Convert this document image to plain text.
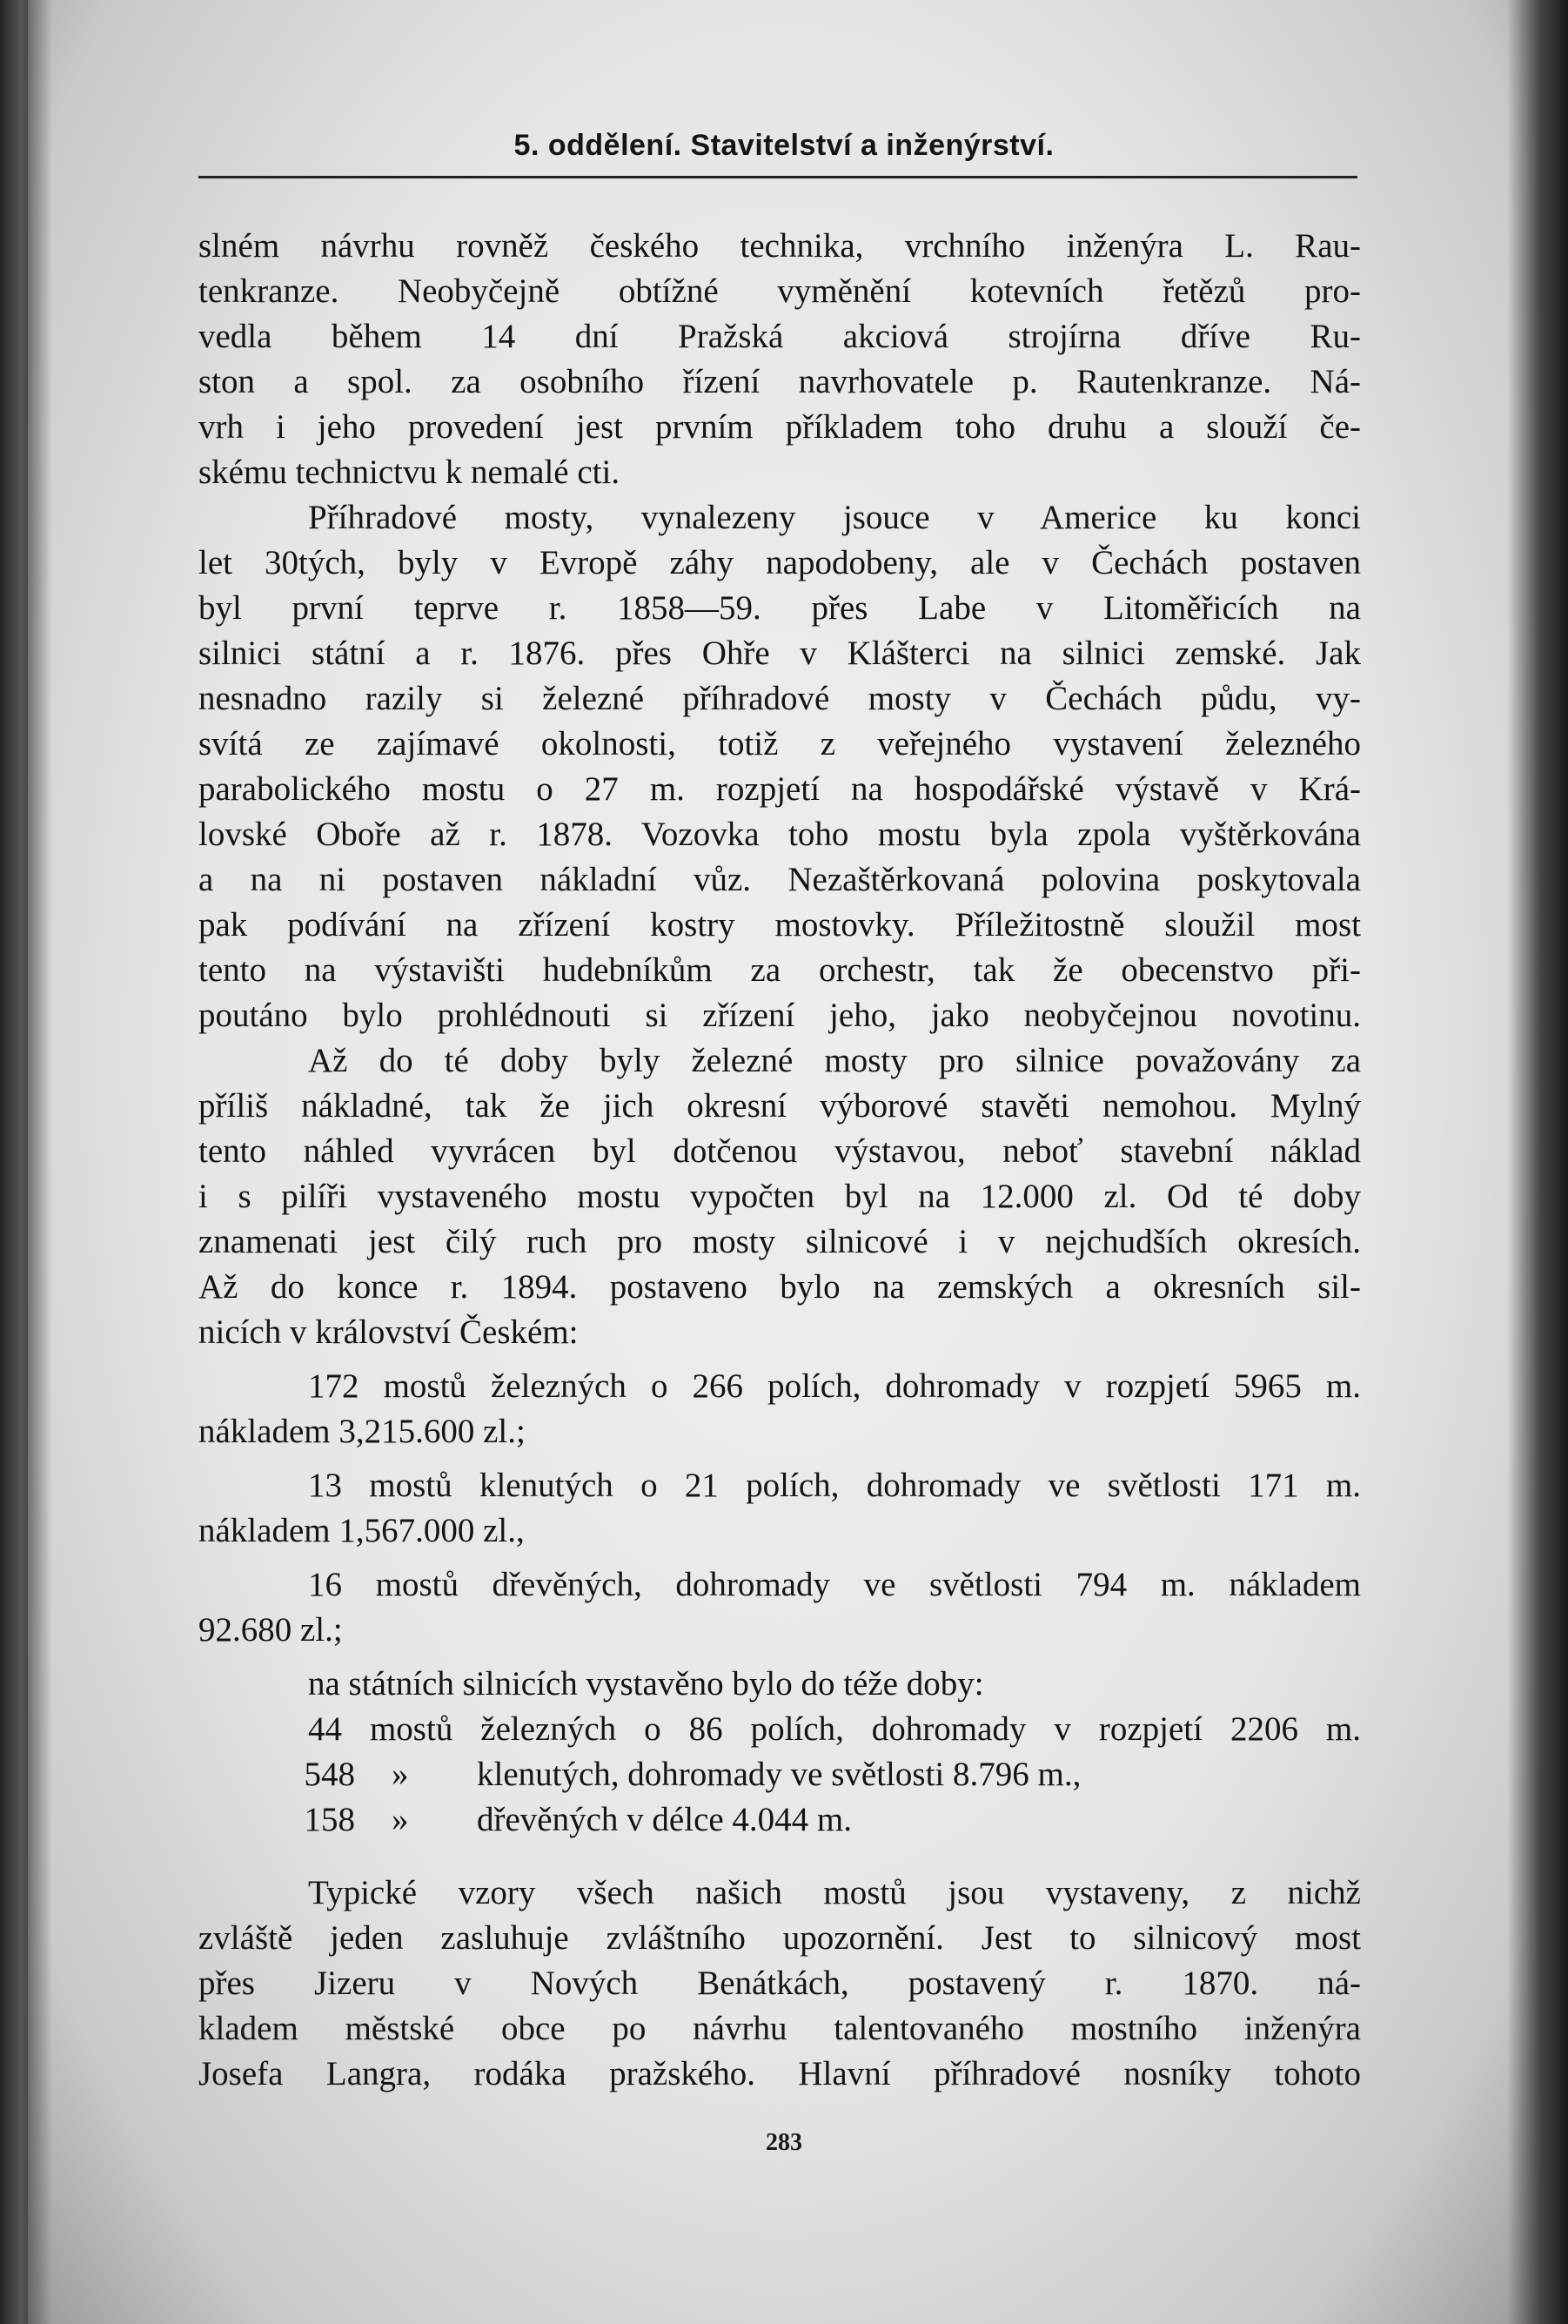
5. oddělení. Stavitelství a inženýrství.
slném návrhu rovněž českého technika, vrchního inženýra L. Rau-
tenkranze. Neobyčejně obtížné vyměnění kotevních řetězů pro-
vedla během 14 dní Pražská akciová strojírna dříve Ru-
ston a spol. za osobního řízení navrhovatele p. Rautenkranze. Ná-
vrh i jeho provedení jest prvním příkladem toho druhu a slouží če-
skému technictvu k nemalé cti.
Příhradové mosty, vynalezeny jsouce v Americe ku konci
let 30tých, byly v Evropě záhy napodobeny, ale v Čechách postaven
byl první teprve r. 1858—59. přes Labe v Litoměřicích na
silnici státní a r. 1876. přes Ohře v Klášterci na silnici zemské. Jak
nesnadno razily si železné příhradové mosty v Čechách půdu, vy-
svítá ze zajímavé okolnosti, totiž z veřejného vystavení železného
parabolického mostu o 27 m. rozpjetí na hospodářské výstavě v Krá-
lovské Oboře až r. 1878. Vozovka toho mostu byla zpola vyštěrkována
a na ni postaven nákladní vůz. Nezaštěrkovaná polovina poskytovala
pak podívání na zřízení kostry mostovky. Příležitostně sloužil most
tento na výstavišti hudebníkům za orchestr, tak že obecenstvo při-
poutáno bylo prohlédnouti si zřízení jeho, jako neobyčejnou novotinu.
Až do té doby byly železné mosty pro silnice považovány za
příliš nákladné, tak že jich okresní výborové stavěti nemohou. Mylný
tento náhled vyvrácen byl dotčenou výstavou, neboť stavební náklad
i s pilíři vystaveného mostu vypočten byl na 12.000 zl. Od té doby
znamenati jest čilý ruch pro mosty silnicové i v nejchudších okresích.
Až do konce r. 1894. postaveno bylo na zemských a okresních sil-
nicích v království Českém:
172 mostů železných o 266 polích, dohromady v rozpjetí 5965 m.
nákladem 3,215.600 zl.;
13 mostů klenutých o 21 polích, dohromady ve světlosti 171 m.
nákladem 1,567.000 zl.,
16 mostů dřevěných, dohromady ve světlosti 794 m. nákladem
92.680 zl.;
na státních silnicích vystavěno bylo do téže doby:
44 mostů železných o 86 polích, dohromady v rozpjetí 2206 m.
548 » klenutých, dohromady ve světlosti 8.796 m.,
158 » dřevěných v délce 4.044 m.
Typické vzory všech našich mostů jsou vystaveny, z nichž
zvláště jeden zasluhuje zvláštního upozornění. Jest to silnicový most
přes Jizeru v Nových Benátkách, postavený r. 1870. ná-
kladem městské obce po návrhu talentovaného mostního inženýra
Josefa Langra, rodáka pražského. Hlavní příhradové nosníky tohoto
283
